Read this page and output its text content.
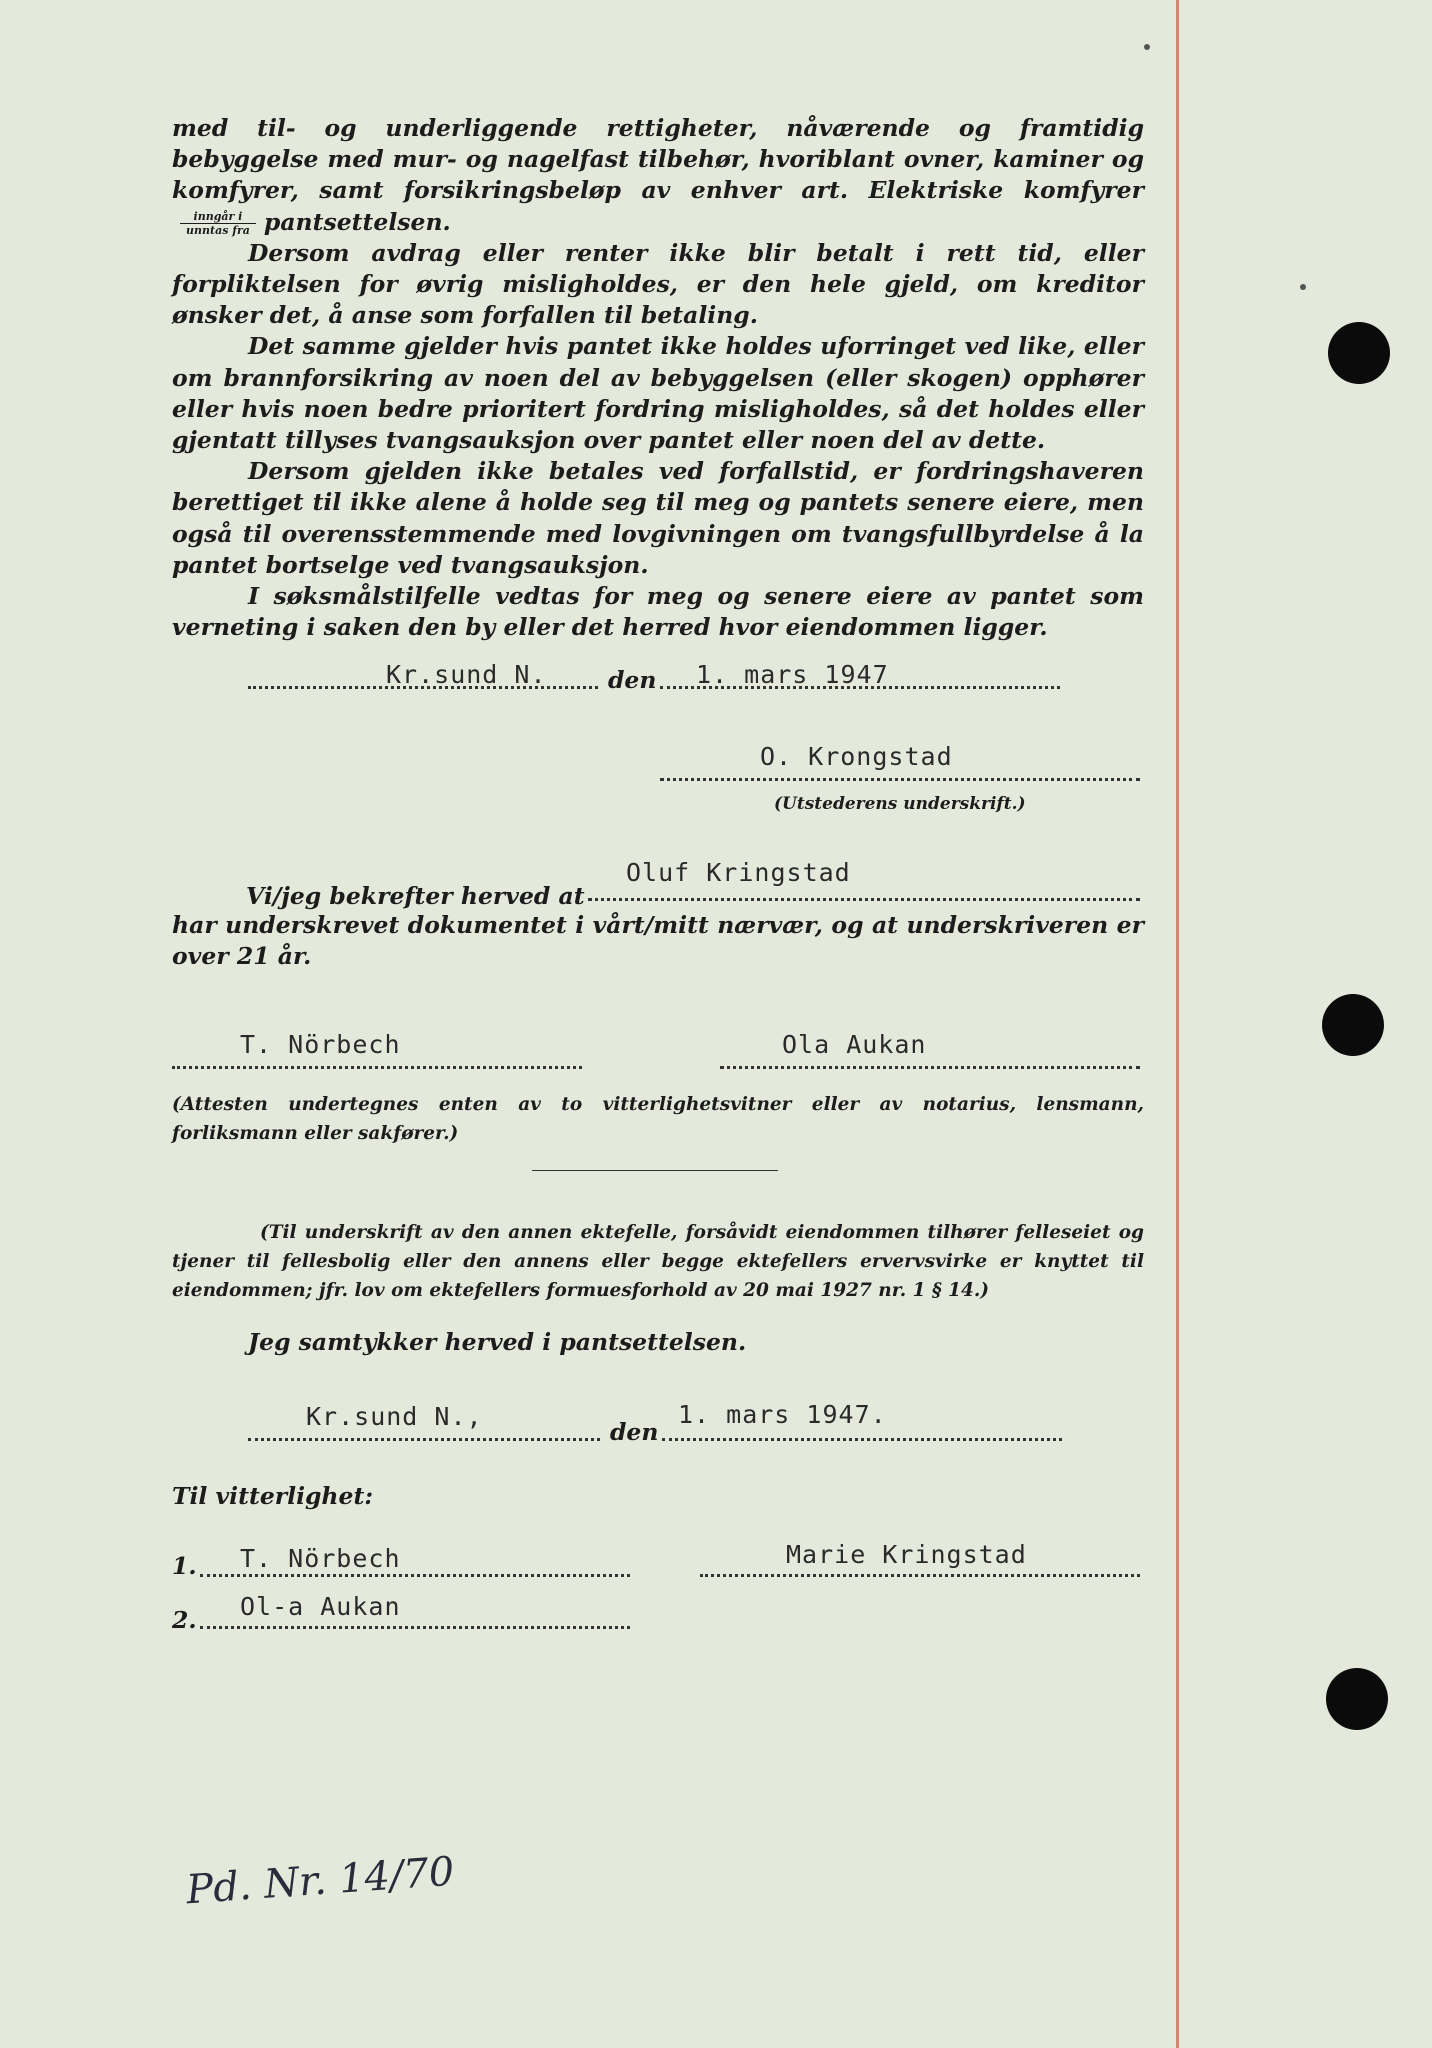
med til- og underliggende rettigheter, nåværende og framtidig bebyggelse med mur- og nagelfast tilbehør, hvoriblant ovner, kaminer og komfyrer, samt forsikringsbeløp av enhver art. Elektriske komfyrer
$\frac{\text{inngår i}}{\text{unntas fra}}$ pantsettelsen.

Dersom avdrag eller renter ikke blir betalt i rett tid, eller forpliktelsen for øvrig misligholdes, er den hele gjeld, om kreditor ønsker det, å anse som forfallen til betaling.

Det samme gjelder hvis pantet ikke holdes uforringet ved like, eller om brannforsikring av noen del av bebyggelsen (eller skogen) opphører eller hvis noen bedre prioritert fordring misligholdes, så det holdes eller gjentatt tillyses tvangsauksjon over pantet eller noen del av dette.

Dersom gjelden ikke betales ved forfallstid, er fordringshaveren berettiget til ikke alene å holde seg til meg og pantets senere eiere, men også til overensstemmende med lovgivningen om tvangsfullbyrdelse å la pantet bortselge ved tvangsauksjon.

I søksmålstilfelle vedtas for meg og senere eiere av pantet som verneting i saken den by eller det herred hvor eiendommen ligger.

Kr.sund N.	den 1. mars 1947
O. Krongstad
(Utstederens underskrift.)
Oluf Kringstad
Vi/jeg bekrefter herved at
har underskrevet dokumentet i vårt/mitt nærvær, og at underskriveren er over 21 år.
T. Nörbech	Ola Aukan
(Attesten undertegnes enten av to vitterlighetsvitner eller av notarius, lensmann, forliksmann eller sakfører.)
(Til underskrift av den annen ektefelle, forsåvidt eiendommen tilhører felleseiet og tjener til fellesbolig eller den annens eller begge ektefellers ervervsvirke er knyttet til eiendommen; jfr. lov om ektefellers formuesforhold av 20 mai 1927 nr. 1 § 14.)
Jeg samtykker herved i pantsettelsen.
Kr.sund N.,
den
1. mars 1947.
Til vitterlighet:
1. T. Nörbech	Marie Kringstad
2. Ol-a Aukan
Pd. Nr. 14/70
